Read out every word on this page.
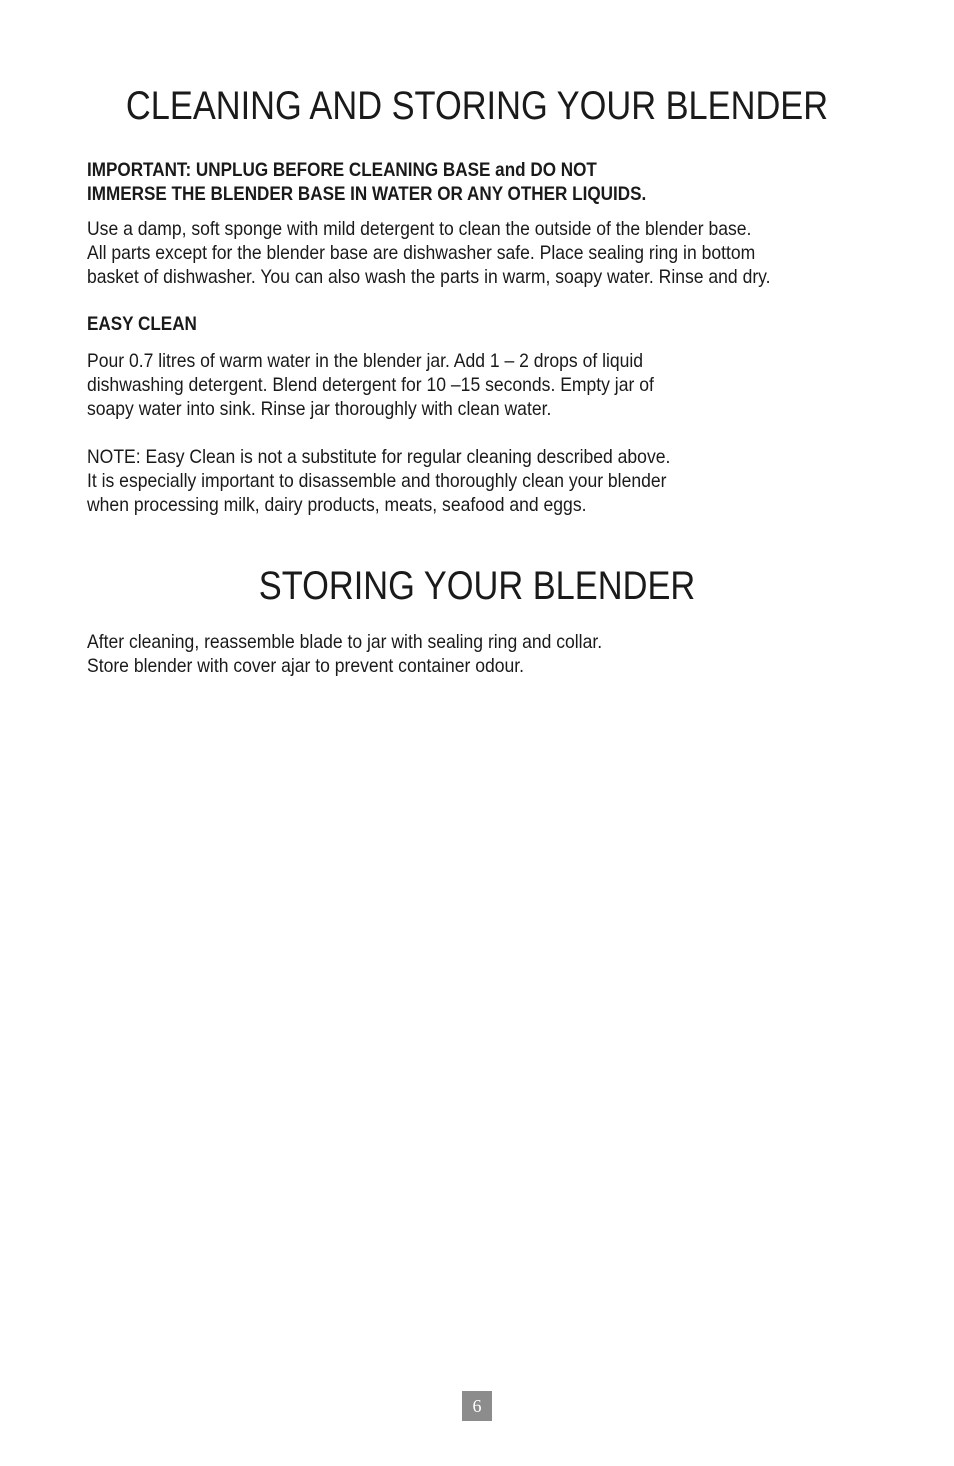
CLEANING AND STORING YOUR BLENDER
IMPORTANT: UNPLUG BEFORE CLEANING BASE and DO NOT
IMMERSE THE BLENDER BASE IN WATER OR ANY OTHER LIQUIDS.
Use a damp, soft sponge with mild detergent to clean the outside of the blender base.
All parts except for the blender base are dishwasher safe. Place sealing ring in bottom
basket of dishwasher. You can also wash the parts in warm, soapy water. Rinse and dry.
EASY CLEAN
Pour 0.7 litres of warm water in the blender jar. Add 1 – 2 drops of liquid
dishwashing detergent. Blend detergent for 10 –15 seconds. Empty jar of
soapy water into sink. Rinse jar thoroughly with clean water.
NOTE: Easy Clean is not a substitute for regular cleaning described above.
It is especially important to disassemble and thoroughly clean your blender
when processing milk, dairy products, meats, seafood and eggs.
STORING YOUR BLENDER
After cleaning, reassemble blade to jar with sealing ring and collar.
Store blender with cover ajar to prevent container odour.
6
